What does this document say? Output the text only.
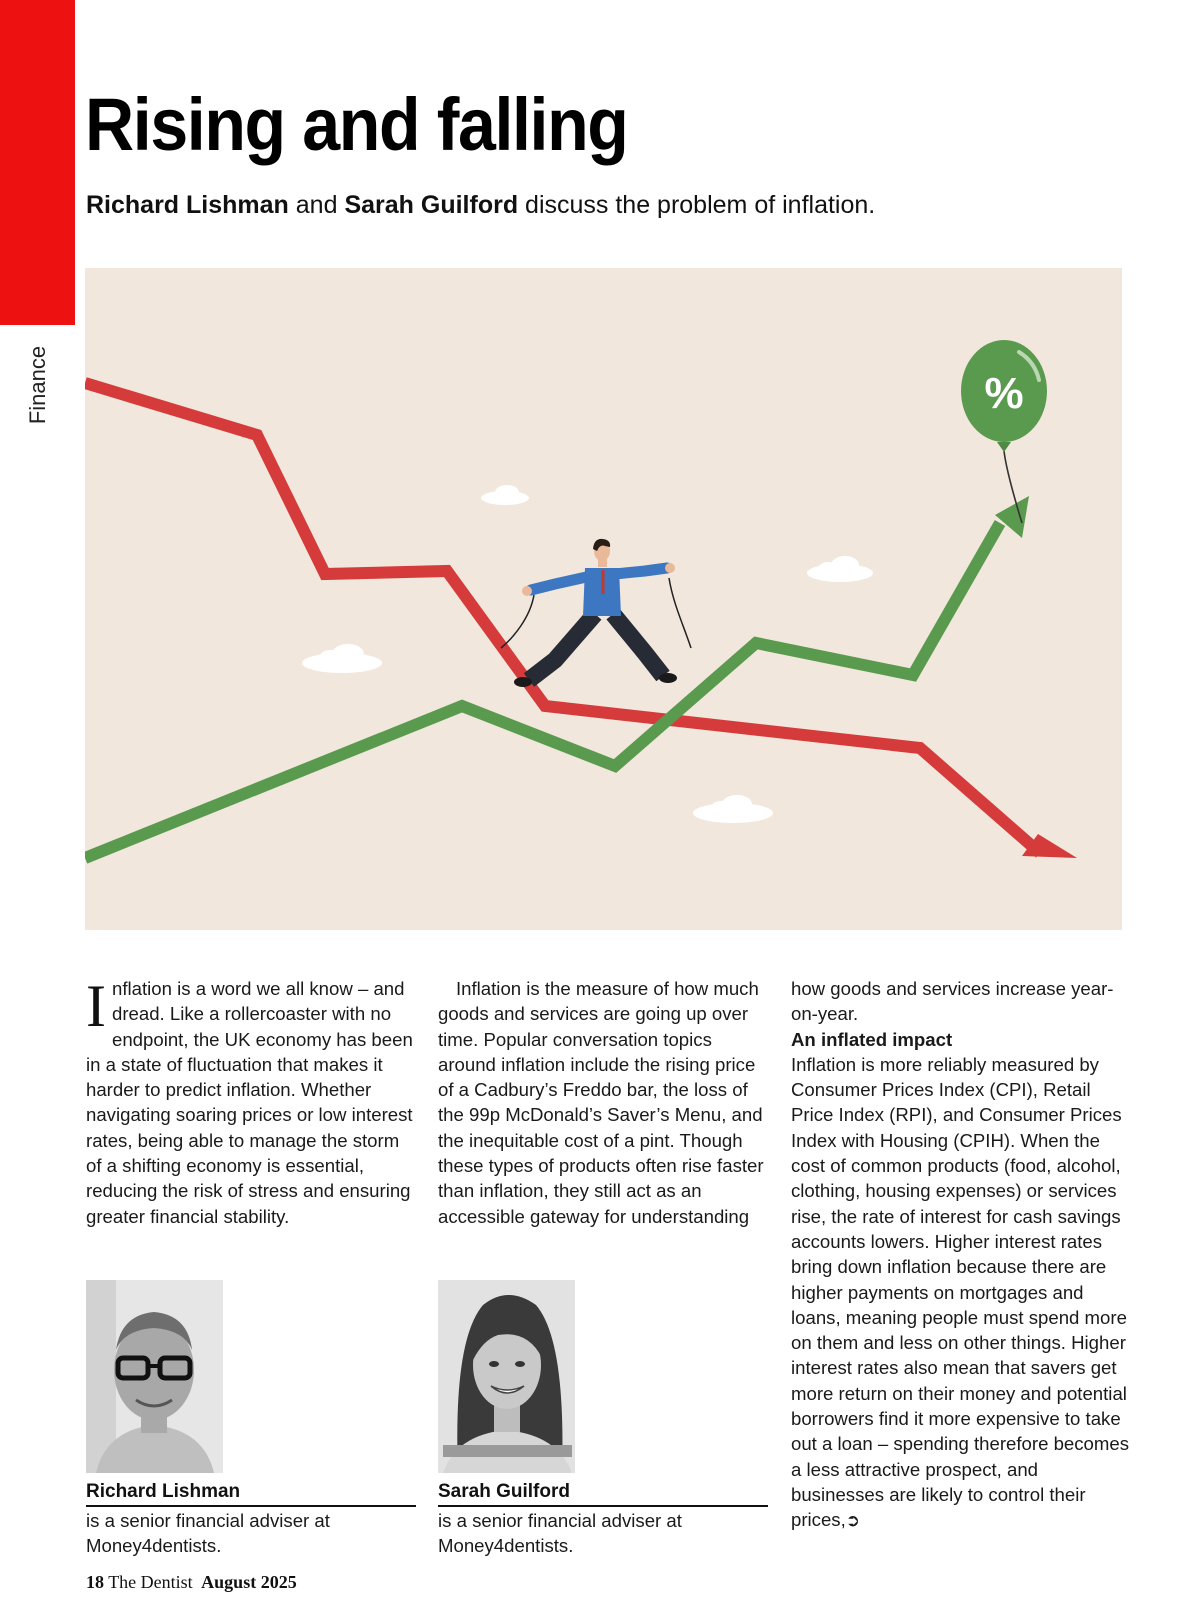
Finance
Rising and falling
Richard Lishman and Sarah Guilford discuss the problem of inflation.
%

Inflation is a word we all know – and dread. Like a rollercoaster with no endpoint, the UK economy has been in a state of fluctuation that makes it harder to predict inflation. Whether navigating soaring prices or low interest rates, being able to manage the storm of a shifting economy is essential, reducing the risk of stress and ensuring greater financial stability.

Inflation is the measure of how much goods and services are going up over time. Popular conversation topics around inflation include the rising price of a Cadbury’s Freddo bar, the loss of the 99p McDonald’s Saver’s Menu, and the inequitable cost of a pint. Though these types of products often rise faster than inflation, they still act as an accessible gateway for understanding

how goods and services increase year-on-year.

An inflated impact

Inflation is more reliably measured by Consumer Prices Index (CPI), Retail Price Index (RPI), and Consumer Prices Index with Housing (CPIH). When the cost of common products (food, alcohol, clothing, housing expenses) or services rise, the rate of interest for cash savings accounts lowers. Higher interest rates bring down inflation because there are higher payments on mortgages and loans, meaning people must spend more on them and less on other things. Higher interest rates also mean that savers get more return on their money and potential borrowers find it more expensive to take out a loan – spending therefore becomes a less attractive prospect, and businesses are likely to control their prices,➲

Richard Lishman
is a senior financial adviser at Money4dentists.
Sarah Guilford
is a senior financial adviser at Money4dentists.
18 The Dentist August 2025
